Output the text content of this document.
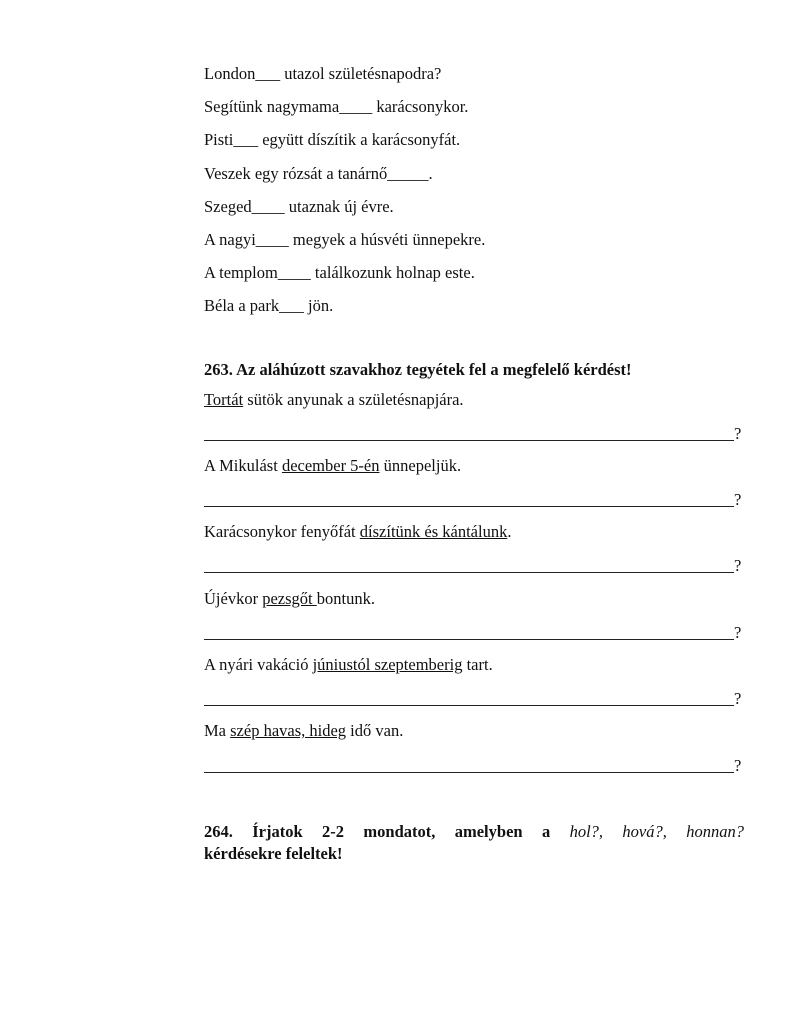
London___ utazol születésnapodra?
Segítünk nagymama____ karácsonykor.
Pisti___ együtt díszítik a karácsonyfát.
Veszek egy rózsát a tanárnő_____.
Szeged____ utaznak új évre.
A nagyi____ megyek a húsvéti ünnepekre.
A templom____ találkozunk holnap este.
Béla a park___ jön.
263. Az aláhúzott szavakhoz tegyétek fel a megfelelő kérdést!
Tortát sütök anyunak a születésnapjára.
?
A Mikulást december 5-én ünnepeljük.
?
Karácsonykor fenyőfát díszítünk és kántálunk.
?
Újévkor pezsgőt bontunk.
?
A nyári vakáció júniustól szeptemberig tart.
?
Ma szép havas, hideg idő van.
?
264. Írjatok 2-2 mondatot, amelyben a hol?, hová?, honnan?
kérdésekre feleltek!
